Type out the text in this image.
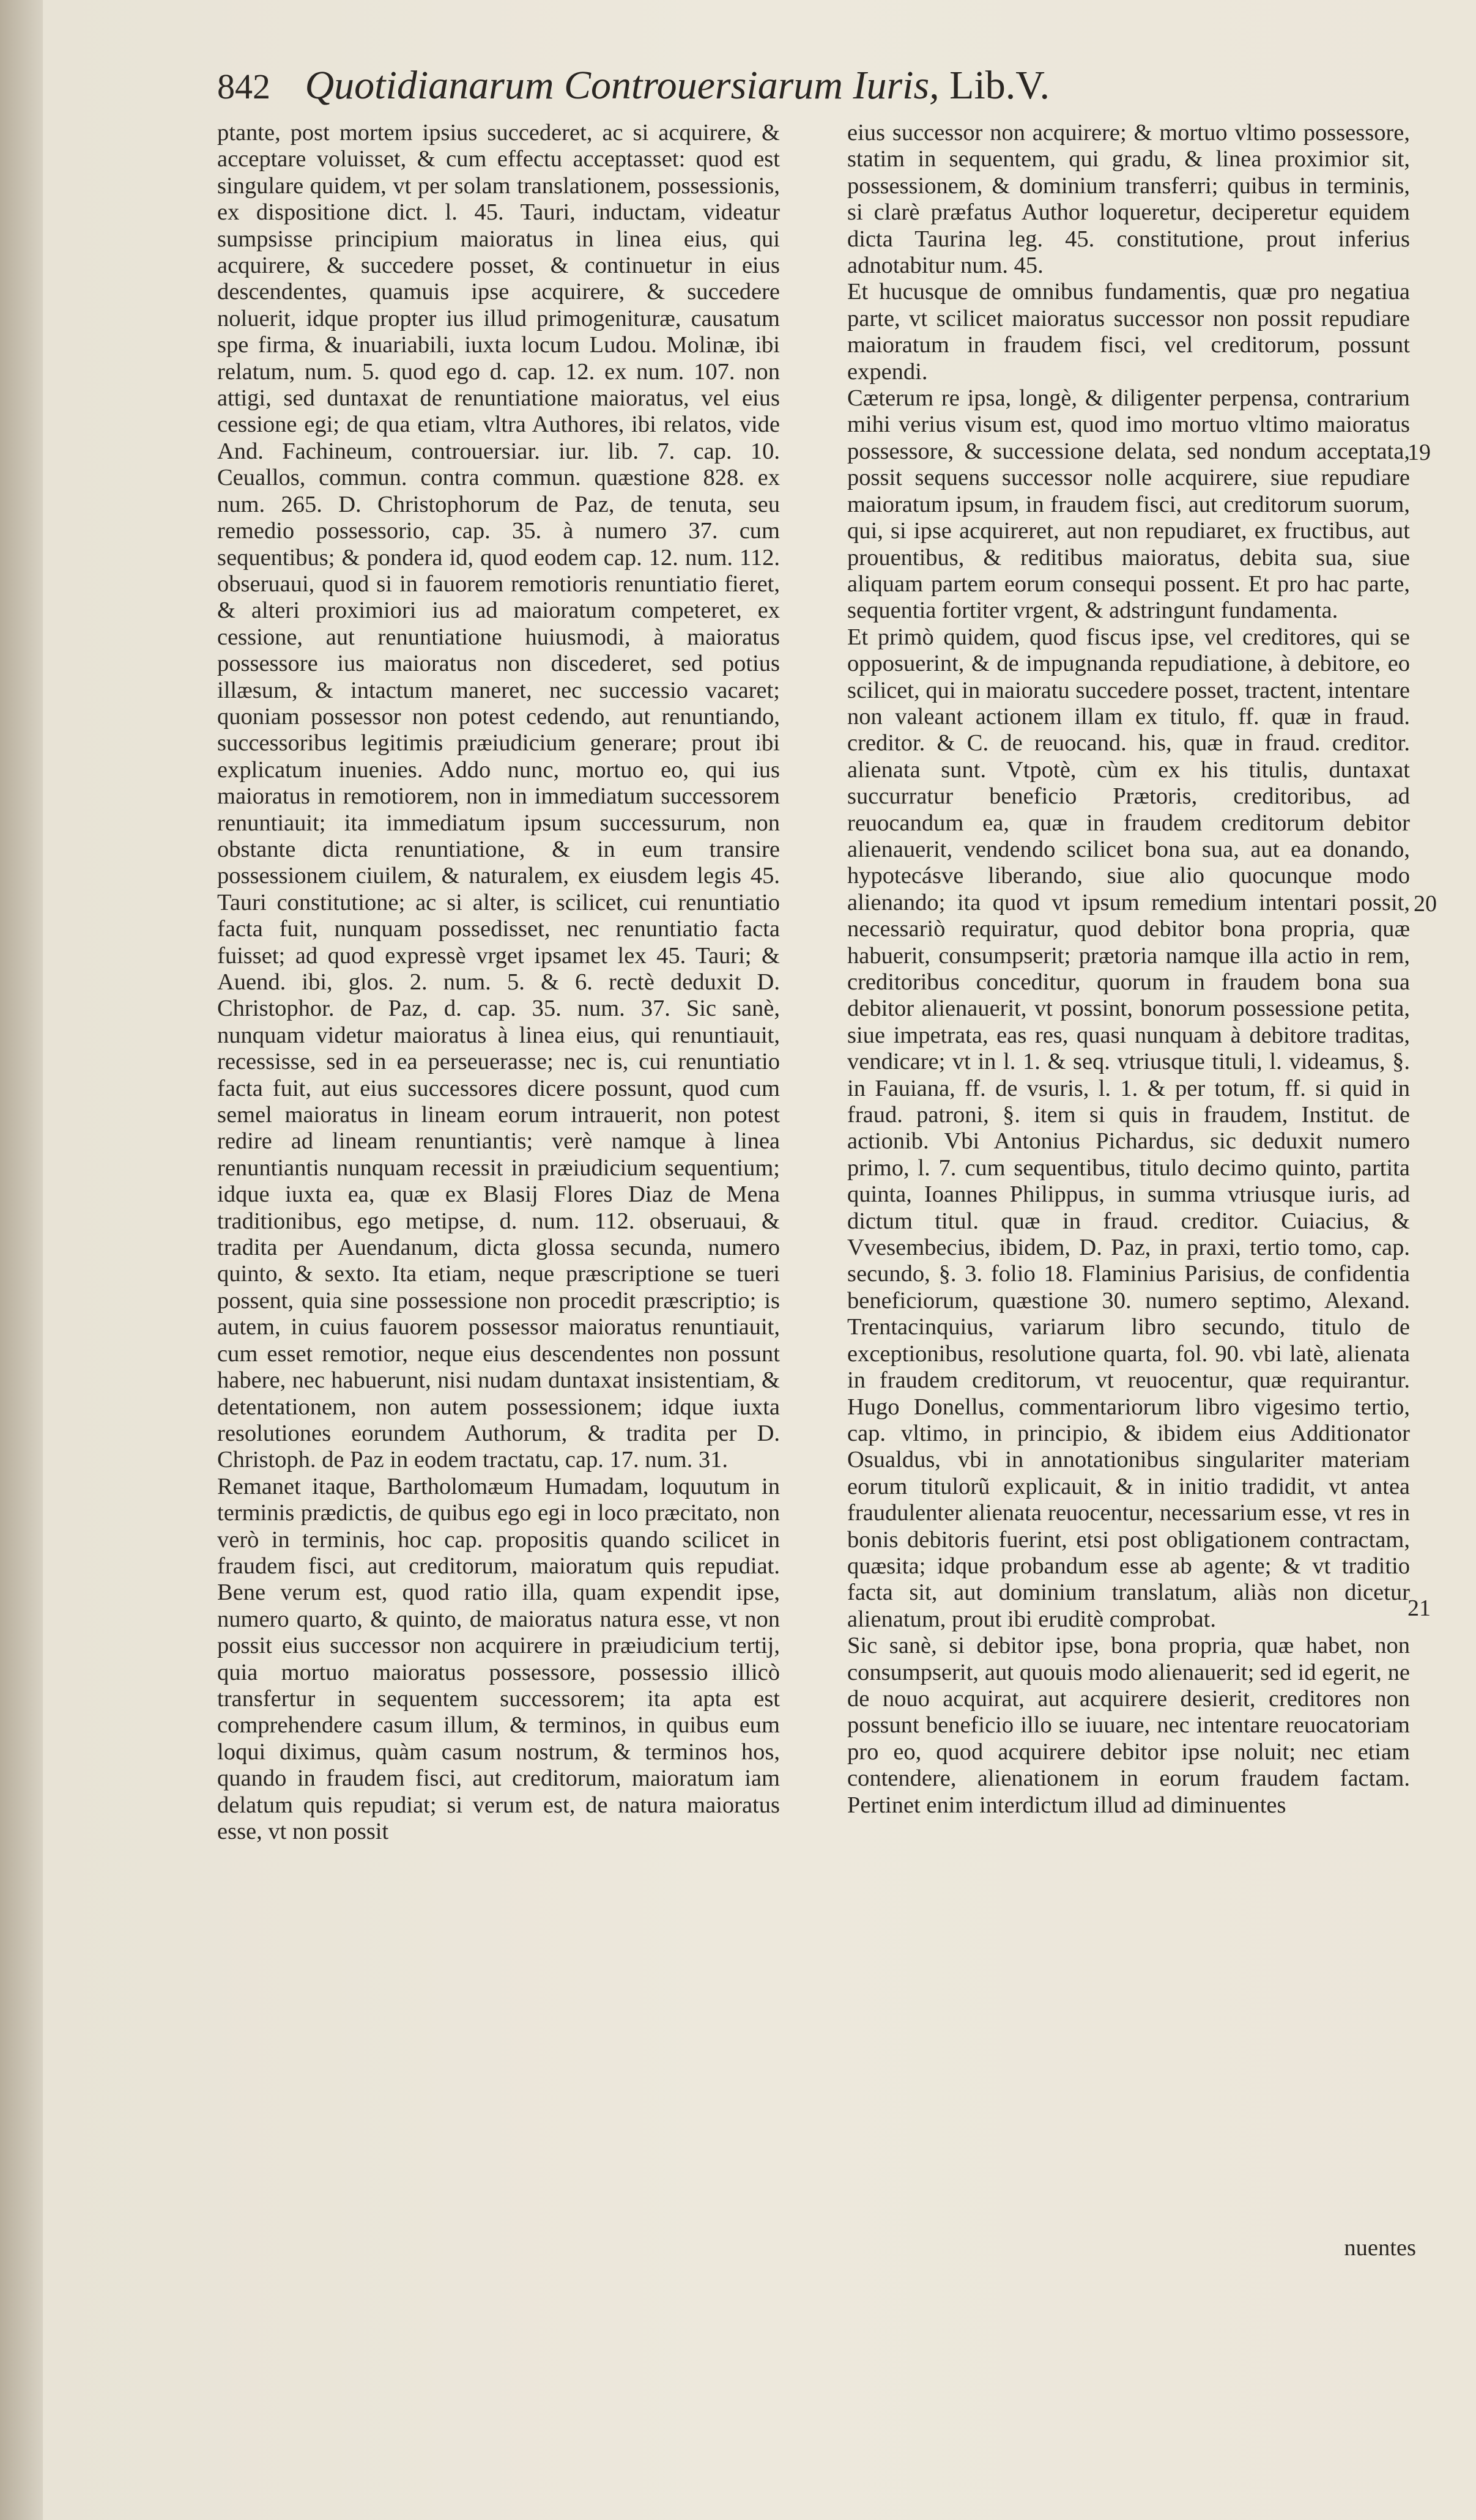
842 Quotidianarum Controuersiarum Iuris, Lib.V.
ptante, post mortem ipsius succederet, ac si acquirere, & acceptare voluisset, & cum effectu acceptasset: quod est singulare quidem, vt per solam translationem, possessionis, ex dispositione dict. l. 45. Tauri, inductam, videatur sumpsisse principium maioratus in linea eius, qui acquirere, & succedere posset, & continuetur in eius descendentes, quamuis ipse acquirere, & succedere noluerit, idque propter ius illud primogenituræ, causatum spe firma, & inuariabili, iuxta locum Ludou. Molinæ, ibi relatum, num. 5. quod ego d. cap. 12. ex num. 107. non attigi, sed duntaxat de renuntiatione maioratus, vel eius cessione egi; de qua etiam, vltra Authores, ibi relatos, vide And. Fachineum, controuersiar. iur. lib. 7. cap. 10. Ceuallos, commun. contra commun. quæstione 828. ex num. 265. D. Christophorum de Paz, de tenuta, seu remedio possessorio, cap. 35. à numero 37. cum sequentibus; & pondera id, quod eodem cap. 12. num. 112. obseruaui, quod si in fauorem remotioris renuntiatio fieret, & alteri proximiori ius ad maioratum competeret, ex cessione, aut renuntiatione huiusmodi, à maioratus possessore ius maioratus non discederet, sed potius illæsum, & intactum maneret, nec successio vacaret; quoniam possessor non potest cedendo, aut renuntiando, successoribus legitimis præiudicium generare; prout ibi explicatum inuenies. Addo nunc, mortuo eo, qui ius maioratus in remotiorem, non in immediatum successorem renuntiauit; ita immediatum ipsum successurum, non obstante dicta renuntiatione, & in eum transire possessionem ciuilem, & naturalem, ex eiusdem legis 45. Tauri constitutione; ac si alter, is scilicet, cui renuntiatio facta fuit, nunquam possedisset, nec renuntiatio facta fuisset; ad quod expressè vrget ipsamet lex 45. Tauri; & Auend. ibi, glos. 2. num. 5. & 6. rectè deduxit D. Christophor. de Paz, d. cap. 35. num. 37. Sic sanè, nunquam videtur maioratus à linea eius, qui renuntiauit, recessisse, sed in ea perseuerasse; nec is, cui renuntiatio facta fuit, aut eius successores dicere possunt, quod cum semel maioratus in lineam eorum intrauerit, non potest redire ad lineam renuntiantis; verè namque à linea renuntiantis nunquam recessit in præiudicium sequentium; idque iuxta ea, quæ ex Blasij Flores Diaz de Mena traditionibus, ego metipse, d. num. 112. obseruaui, & tradita per Auendanum, dicta glossa secunda, numero quinto, & sexto. Ita etiam, neque præscriptione se tueri possent, quia sine possessione non procedit præscriptio; is autem, in cuius fauorem possessor maioratus renuntiauit, cum esset remotior, neque eius descendentes non possunt habere, nec habuerunt, nisi nudam duntaxat insistentiam, & detentationem, non autem possessionem; idque iuxta resolutiones eorundem Authorum, & tradita per D. Christoph. de Paz in eodem tractatu, cap. 17. num. 31.
Remanet itaque, Bartholomæum Humadam, loquutum in terminis prædictis, de quibus ego egi in loco præcitato, non verò in terminis, hoc cap. propositis quando scilicet in fraudem fisci, aut creditorum, maioratum quis repudiat. Bene verum est, quod ratio illa, quam expendit ipse, numero quarto, & quinto, de maioratus natura esse, vt non possit eius successor non acquirere in præiudicium tertij, quia mortuo maioratus possessore, possessio illicò transfertur in sequentem successorem; ita apta est comprehendere casum illum, & terminos, in quibus eum loqui diximus, quàm casum nostrum, & terminos hos, quando in fraudem fisci, aut creditorum, maioratum iam delatum quis repudiat; si verum est, de natura maioratus esse, vt non possit
eius successor non acquirere; & mortuo vltimo possessore, statim in sequentem, qui gradu, & linea proximior sit, possessionem, & dominium transferri; quibus in terminis, si clarè præfatus Author loqueretur, deciperetur equidem dicta Taurina leg. 45. constitutione, prout inferius adnotabitur num. 45.
Et hucusque de omnibus fundamentis, quæ pro negatiua parte, vt scilicet maioratus successor non possit repudiare maioratum in fraudem fisci, vel creditorum, possunt expendi.
Cæterum re ipsa, longè, & diligenter perpensa, contrarium mihi verius visum est, quod imo mortuo vltimo maioratus possessore, & successione delata, sed nondum acceptata, possit sequens successor nolle acquirere, siue repudiare maioratum ipsum, in fraudem fisci, aut creditorum suorum, qui, si ipse acquireret, aut non repudiaret, ex fructibus, aut prouentibus, & reditibus maioratus, debita sua, siue aliquam partem eorum consequi possent. Et pro hac parte, sequentia fortiter vrgent, & adstringunt fundamenta.
Et primò quidem, quod fiscus ipse, vel creditores, qui se opposuerint, & de impugnanda repudiatione, à debitore, eo scilicet, qui in maioratu succedere posset, tractent, intentare non valeant actionem illam ex titulo, ff. quæ in fraud. creditor. & C. de reuocand. his, quæ in fraud. creditor. alienata sunt. Vtpotè, cùm ex his titulis, duntaxat succurratur beneficio Prætoris, creditoribus, ad reuocandum ea, quæ in fraudem creditorum debitor alienauerit, vendendo scilicet bona sua, aut ea donando, hypotecásve liberando, siue alio quocunque modo alienando; ita quod vt ipsum remedium intentari possit, necessariò requiratur, quod debitor bona propria, quæ habuerit, consumpserit; prætoria namque illa actio in rem, creditoribus conceditur, quorum in fraudem bona sua debitor alienauerit, vt possint, bonorum possessione petita, siue impetrata, eas res, quasi nunquam à debitore traditas, vendicare; vt in l. 1. & seq. vtriusque tituli, l. videamus, §. in Fauiana, ff. de vsuris, l. 1. & per totum, ff. si quid in fraud. patroni, §. item si quis in fraudem, Institut. de actionib. Vbi Antonius Pichardus, sic deduxit numero primo, l. 7. cum sequentibus, titulo decimo quinto, partita quinta, Ioannes Philippus, in summa vtriusque iuris, ad dictum titul. quæ in fraud. creditor. Cuiacius, & Vvesembecius, ibidem, D. Paz, in praxi, tertio tomo, cap. secundo, §. 3. folio 18. Flaminius Parisius, de confidentia beneficiorum, quæstione 30. numero septimo, Alexand. Trentacinquius, variarum libro secundo, titulo de exceptionibus, resolutione quarta, fol. 90. vbi latè, alienata in fraudem creditorum, vt reuocentur, quæ requirantur. Hugo Donellus, commentariorum libro vigesimo tertio, cap. vltimo, in principio, & ibidem eius Additionator Osualdus, vbi in annotationibus singulariter materiam eorum titulorũ explicauit, & in initio tradidit, vt antea fraudulenter alienata reuocentur, necessarium esse, vt res in bonis debitoris fuerint, etsi post obligationem contractam, quæsita; idque probandum esse ab agente; & vt traditio facta sit, aut dominium translatum, aliàs non dicetur alienatum, prout ibi eruditè comprobat.
Sic sanè, si debitor ipse, bona propria, quæ habet, non consumpserit, aut quouis modo alienauerit; sed id egerit, ne de nouo acquirat, aut acquirere desierit, creditores non possunt beneficio illo se iuuare, nec intentare reuocatoriam pro eo, quod acquirere debitor ipse noluit; nec etiam contendere, alienationem in eorum fraudem factam. Pertinet enim interdictum illud ad diminuentes
19
20
21
nuentes
